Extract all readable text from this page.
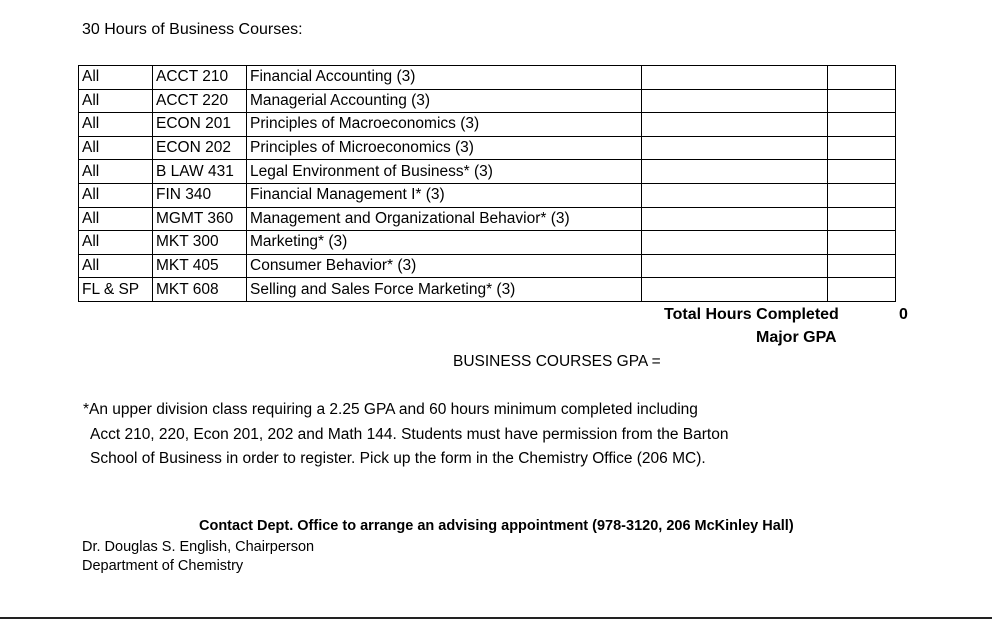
30 Hours of Business Courses:
All	ACCT 210	Financial Accounting (3)		
All	ACCT 220	Managerial Accounting (3)		
All	ECON 201	Principles of Macroeconomics (3)		
All	ECON 202	Principles of Microeconomics (3)		
All	B LAW 431	Legal Environment of Business* (3)		
All	FIN 340	Financial Management I* (3)		
All	MGMT 360	Management and Organizational Behavior* (3)		
All	MKT 300	Marketing* (3)		
All	MKT 405	Consumer Behavior* (3)		
FL & SP	MKT 608	Selling and Sales Force Marketing* (3)		
Total Hours Completed	0
Major GPA
BUSINESS COURSES GPA =
*An upper division class requiring a 2.25 GPA and 60 hours minimum completed including
Acct 210, 220, Econ 201, 202 and Math 144. Students must have permission from the Barton
School of Business in order to register. Pick up the form in the Chemistry Office (206 MC).
Contact Dept. Office to arrange an advising appointment (978-3120, 206 McKinley Hall)
Dr. Douglas S. English, Chairperson
Department of Chemistry
